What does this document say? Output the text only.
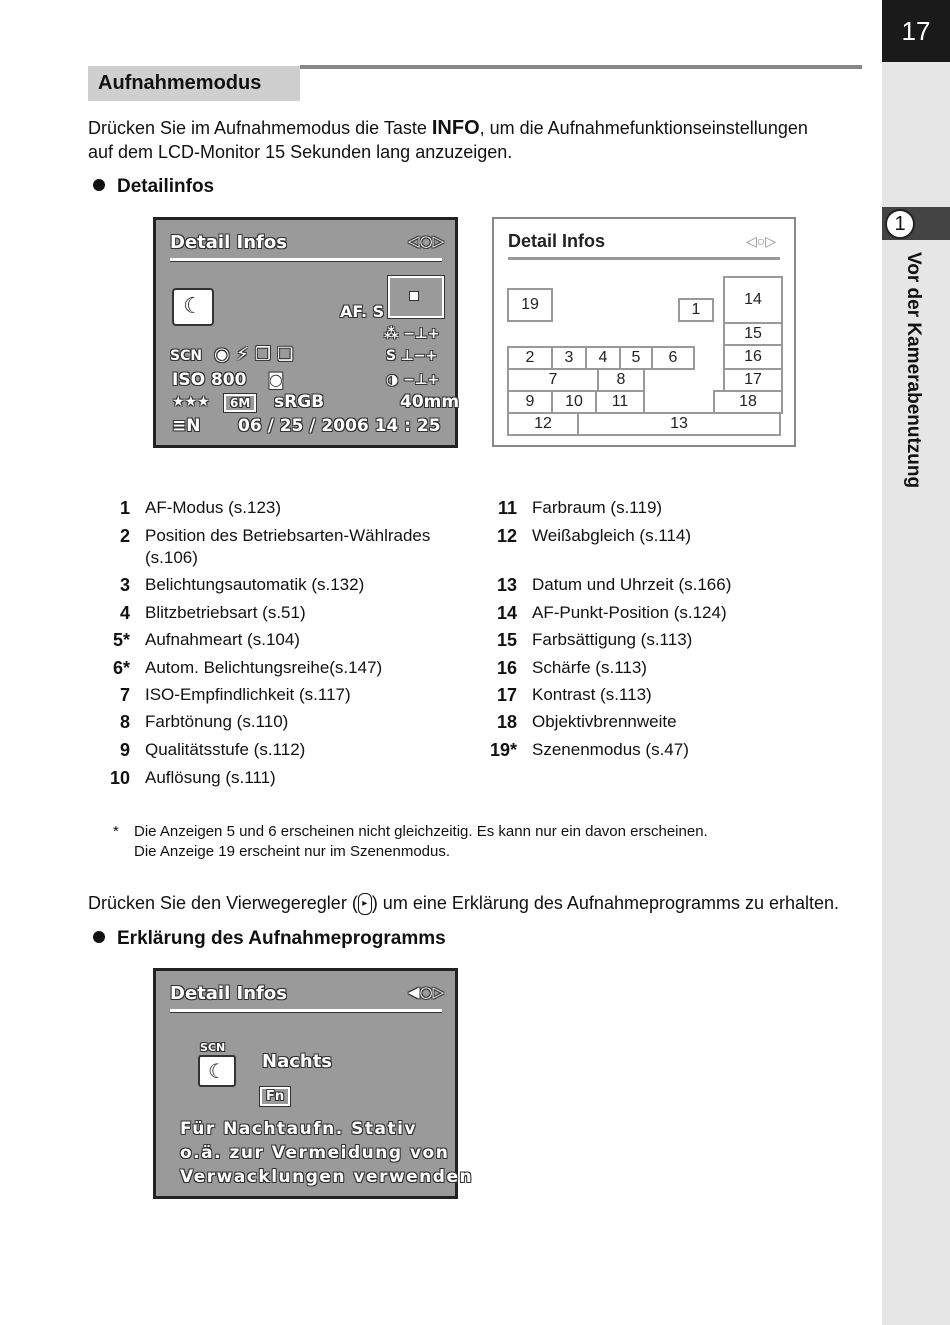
17
1
Vor der Kamerabenutzung
Aufnahmemodus
Drücken Sie im Aufnahmemodus die Taste INFO, um die Aufnahmefunktionseinstellungen
auf dem LCD-Monitor 15 Sekunden lang anzuzeigen.
Detailinfos
Detail Infos	◁○▷
☾	AF. S
⁂ −⊥+
SCN ◉ ⚡ ❐ ❏	S ⊥−+
ISO 800 ◙	◑ −⊥+
★★★	6M	sRGB	40mm
≡N 06 / 25 / 2006 14 : 25
Detail Infos	◁○▷
19	1
14
15
2	3	4	5	6	16
7	8	17
9	10	11	18
12	13
1 AF-Modus (s.123)
2 Position des Betriebsarten-Wählrades (s.106)
3 Belichtungsautomatik (s.132)
4 Blitzbetriebsart (s.51)
5* Aufnahmeart (s.104)
6* Autom. Belichtungsreihe(s.147)
7 ISO-Empfindlichkeit (s.117)
8 Farbtönung (s.110)
9 Qualitätsstufe (s.112)
10 Auflösung (s.111)
11 Farbraum (s.119)
12 Weißabgleich (s.114)
13 Datum und Uhrzeit (s.166)
14 AF-Punkt-Position (s.124)
15 Farbsättigung (s.113)
16 Schärfe (s.113)
17 Kontrast (s.113)
18 Objektivbrennweite
19* Szenenmodus (s.47)
* Die Anzeigen 5 und 6 erscheinen nicht gleichzeitig. Es kann nur ein davon erscheinen.
Die Anzeige 19 erscheint nur im Szenenmodus.
Drücken Sie den Vierwegeregler ( ▸ ) um eine Erklärung des Aufnahmeprogramms zu erhalten.
Erklärung des Aufnahmeprogramms
Detail Infos	◀○▷
SCN
☾	Nachts
Fn
Für Nachtaufn. Stativ
o.ä. zur Vermeidung von
Verwacklungen verwenden
